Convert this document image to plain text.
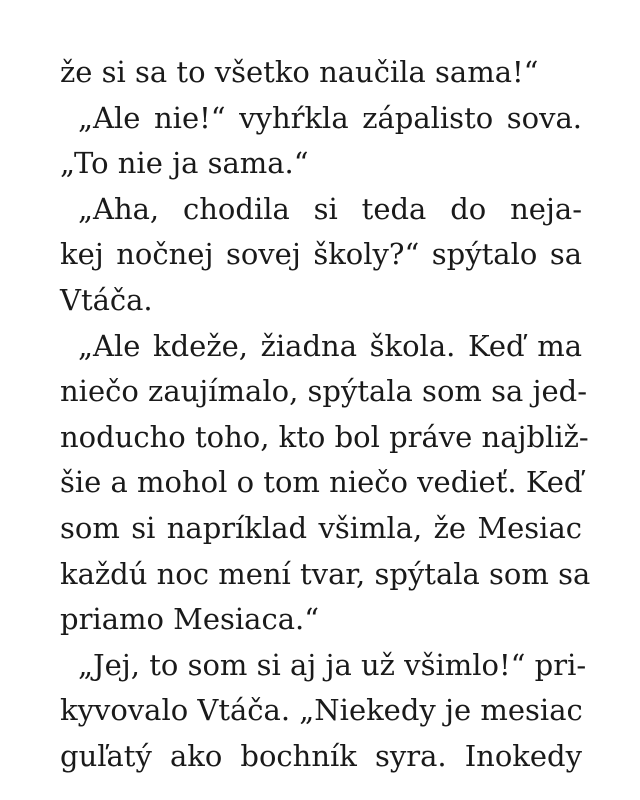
že si sa to všetko naučila sama!“
„Ale nie!“ vyhŕkla zápalisto sova.
„To nie ja sama.“
„Aha, chodila si teda do neja-
kej nočnej sovej školy?“ spýtalo sa
Vtáča.
„Ale kdeže, žiadna škola. Keď ma
niečo zaujímalo, spýtala som sa jed-
noducho toho, kto bol práve najbliž-
šie a mohol o tom niečo vedieť. Keď
som si napríklad všimla, že Mesiac
každú noc mení tvar, spýtala som sa
priamo Mesiaca.“
„Jej, to som si aj ja už všimlo!“ pri-
kyvovalo Vtáča. „Niekedy je mesiac
guľatý ako bochník syra. Inokedy
